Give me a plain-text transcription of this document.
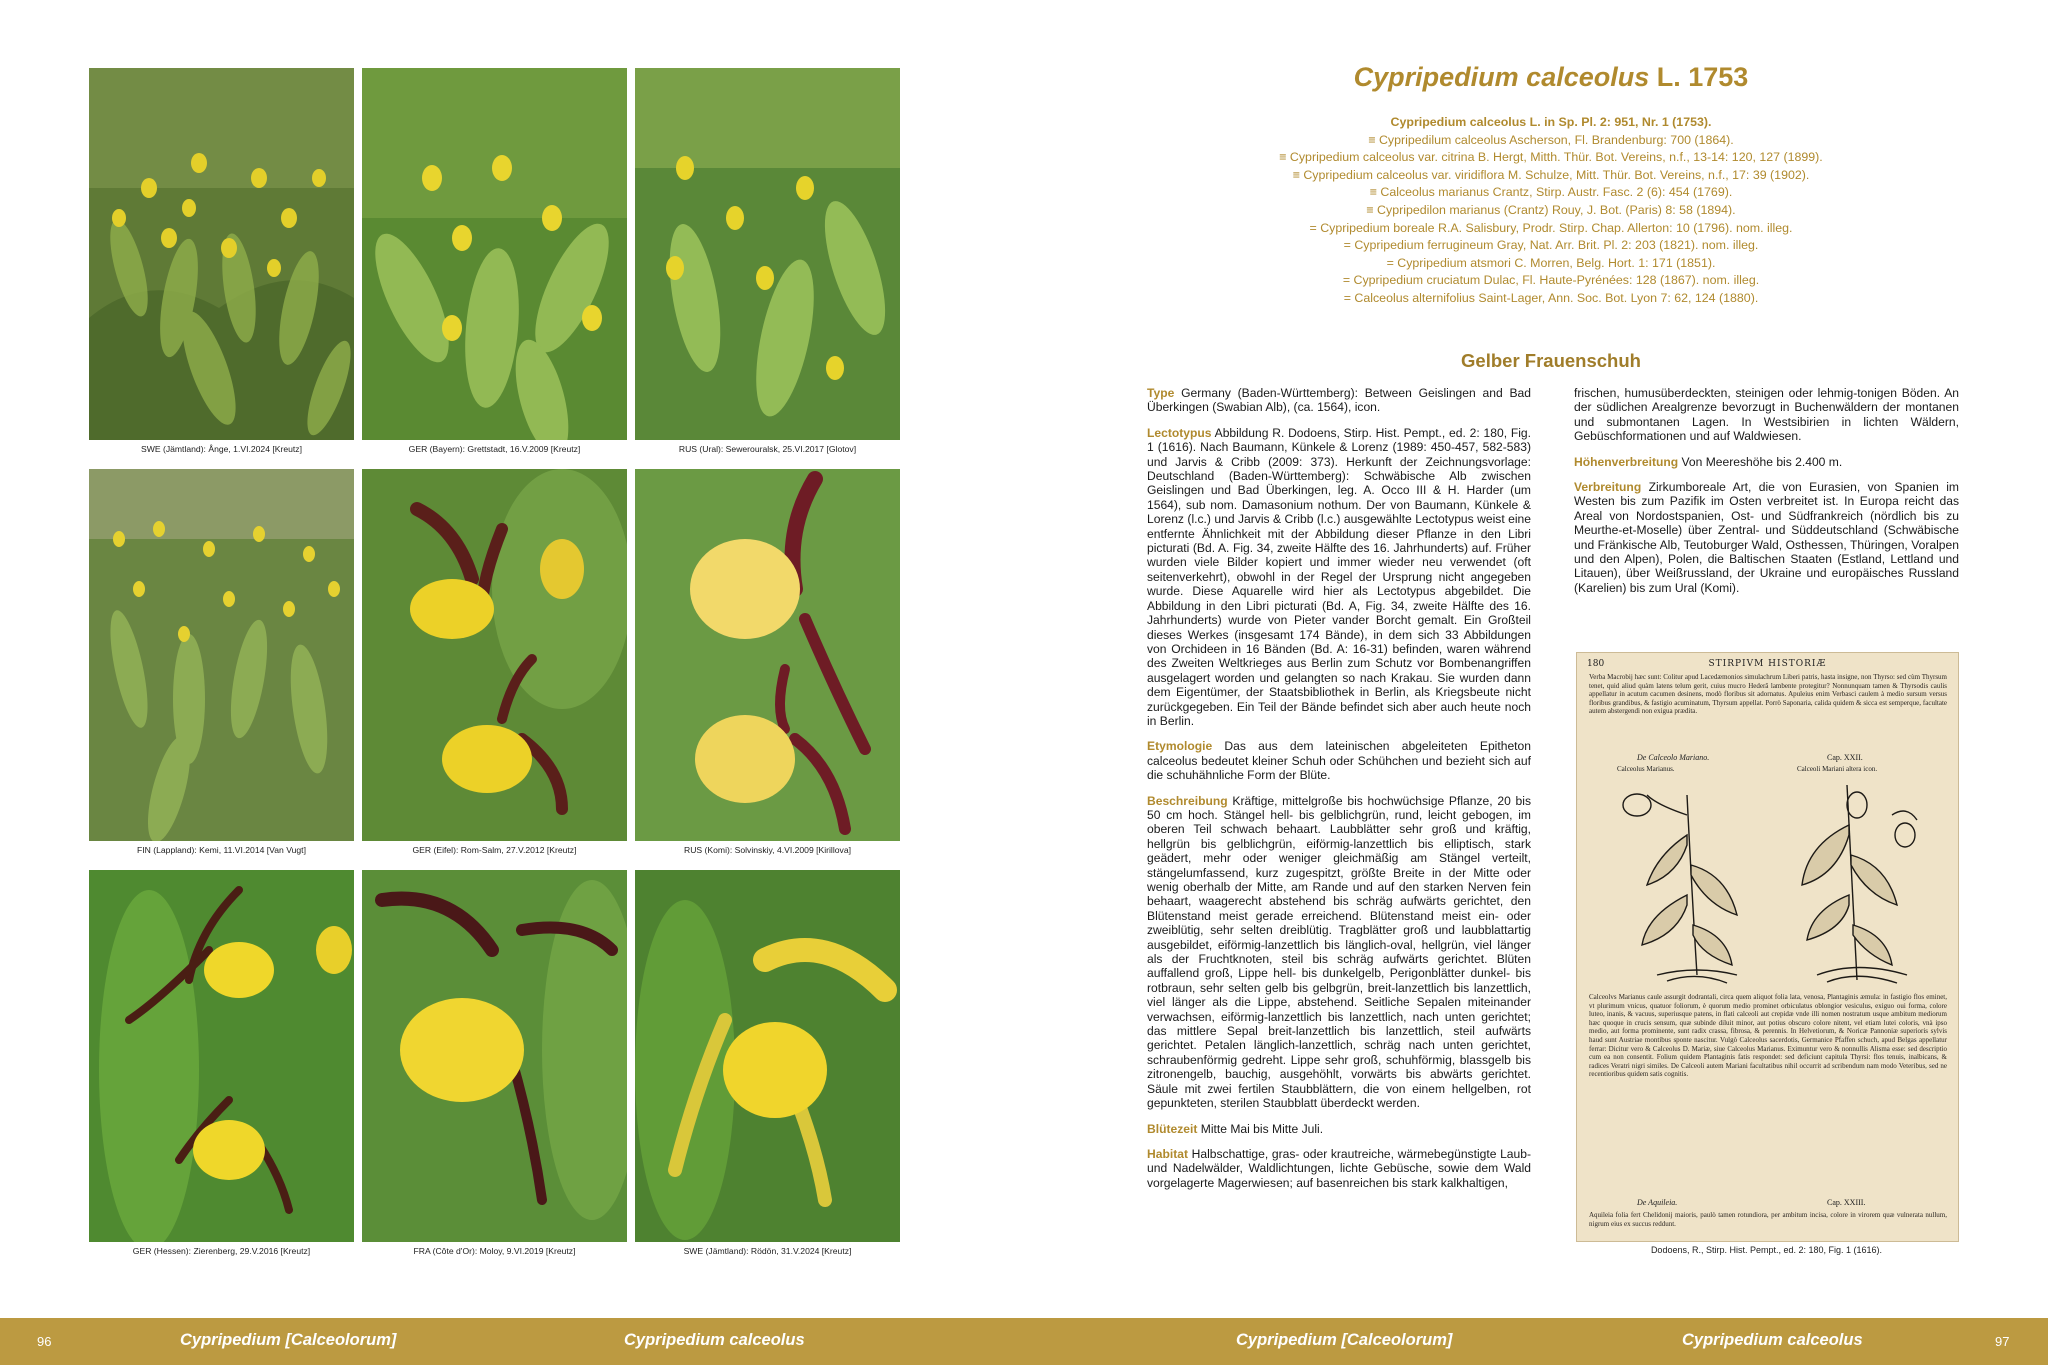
SWE (Jämtland): Ånge, 1.VI.2024 [Kreutz]	GER (Bayern): Grettstadt, 16.V.2009 [Kreutz]	RUS (Ural): Sewerouralsk, 25.VI.2017 [Glotov]
FIN (Lappland): Kemi, 11.VI.2014 [Van Vugt]	GER (Eifel): Rom-Salm, 27.V.2012 [Kreutz]	RUS (Komi): Solvinskiy, 4.VI.2009 [Kirillova]
GER (Hessen): Zierenberg, 29.V.2016 [Kreutz]	FRA (Côte d'Or): Moloy, 9.VI.2019 [Kreutz]	SWE (Jämtland): Rödön, 31.V.2024 [Kreutz]
Cypripedium calceolus L. 1753
Cypripedium calceolus L. in Sp. Pl. 2: 951, Nr. 1 (1753).
≡ Cypripedilum calceolus Ascherson, Fl. Brandenburg: 700 (1864).
≡ Cypripedium calceolus var. citrina B. Hergt, Mitth. Thür. Bot. Vereins, n.f., 13-14: 120, 127 (1899).
≡ Cypripedium calceolus var. viridiflora M. Schulze, Mitt. Thür. Bot. Vereins, n.f., 17: 39 (1902).
≡ Calceolus marianus Crantz, Stirp. Austr. Fasc. 2 (6): 454 (1769).
≡ Cypripedilon marianus (Crantz) Rouy, J. Bot. (Paris) 8: 58 (1894).
= Cypripedium boreale R.A. Salisbury, Prodr. Stirp. Chap. Allerton: 10 (1796). nom. illeg.
= Cypripedium ferrugineum Gray, Nat. Arr. Brit. Pl. 2: 203 (1821). nom. illeg.
= Cypripedium atsmori C. Morren, Belg. Hort. 1: 171 (1851).
= Cypripedium cruciatum Dulac, Fl. Haute-Pyrénées: 128 (1867). nom. illeg.
= Calceolus alternifolius Saint-Lager, Ann. Soc. Bot. Lyon 7: 62, 124 (1880).
Gelber Frauenschuh

Type Germany (Baden-Württemberg): Between Geislingen and Bad Überkingen (Swabian Alb), (ca. 1564), icon.

Lectotypus Abbildung R. Dodoens, Stirp. Hist. Pempt., ed. 2: 180, Fig. 1 (1616). Nach Baumann, Künkele & Lorenz (1989: 450-457, 582-583) und Jarvis & Cribb (2009: 373). Herkunft der Zeichnungsvorlage: Deutschland (Baden-Württemberg): Schwäbische Alb zwischen Geislingen und Bad Überkingen, leg. A. Occo III & H. Harder (um 1564), sub nom. Damasonium nothum. Der von Baumann, Künkele & Lorenz (l.c.) und Jarvis & Cribb (l.c.) ausgewählte Lectotypus weist eine entfernte Ähnlichkeit mit der Abbildung dieser Pflanze in den Libri picturati (Bd. A. Fig. 34, zweite Hälfte des 16. Jahrhunderts) auf. Früher wurden viele Bilder kopiert und immer wieder neu verwendet (oft seitenverkehrt), obwohl in der Regel der Ursprung nicht angegeben wurde. Diese Aquarelle wird hier als Lectotypus abgebildet. Die Abbildung in den Libri picturati (Bd. A, Fig. 34, zweite Hälfte des 16. Jahrhunderts) wurde von Pieter vander Borcht gemalt. Ein Großteil dieses Werkes (insgesamt 174 Bände), in dem sich 33 Abbildungen von Orchideen in 16 Bänden (Bd. A: 16-31) befinden, waren während des Zweiten Weltkrieges aus Berlin zum Schutz vor Bombenangriffen ausgelagert worden und gelangten so nach Krakau. Sie wurden dann dem Eigentümer, der Staatsbibliothek in Berlin, als Kriegsbeute nicht zurückgegeben. Ein Teil der Bände befindet sich aber auch heute noch in Berlin.

Etymologie Das aus dem lateinischen abgeleiteten Epitheton calceolus bedeutet kleiner Schuh oder Schühchen und bezieht sich auf die schuhähnliche Form der Blüte.

Beschreibung Kräftige, mittelgroße bis hochwüchsige Pflanze, 20 bis 50 cm hoch. Stängel hell- bis gelblichgrün, rund, leicht gebogen, im oberen Teil schwach behaart. Laubblätter sehr groß und kräftig, hellgrün bis gelblichgrün, eiförmig-lanzettlich bis elliptisch, stark geädert, mehr oder weniger gleichmäßig am Stängel verteilt, stängelumfassend, kurz zugespitzt, größte Breite in der Mitte oder wenig oberhalb der Mitte, am Rande und auf den starken Nerven fein behaart, waagerecht abstehend bis schräg aufwärts gerichtet, den Blütenstand meist gerade erreichend. Blütenstand meist ein- oder zweiblütig, sehr selten dreiblütig. Tragblätter groß und laubblattartig ausgebildet, eiförmig-lanzettlich bis länglich-oval, hellgrün, viel länger als der Fruchtknoten, steil bis schräg aufwärts gerichtet. Blüten auffallend groß, Lippe hell- bis dunkelgelb, Perigonblätter dunkel- bis rotbraun, sehr selten gelb bis gelbgrün, breit-lanzettlich bis lanzettlich, viel länger als die Lippe, abstehend. Seitliche Sepalen miteinander verwachsen, eiförmig-lanzettlich bis lanzettlich, nach unten gerichtet; das mittlere Sepal breit-lanzettlich bis lanzettlich, steil aufwärts gerichtet. Petalen länglich-lanzettlich, schräg nach unten gerichtet, schraubenförmig gedreht. Lippe sehr groß, schuhförmig, blassgelb bis zitronengelb, bauchig, ausgehöhlt, vorwärts bis abwärts gerichtet. Säule mit zwei fertilen Staubblättern, die von einem hellgelben, rot gepunkteten, sterilen Staubblatt überdeckt werden.

Blütezeit Mitte Mai bis Mitte Juli.

Habitat Halbschattige, gras- oder krautreiche, wärmebegünstigte Laub- und Nadelwälder, Waldlichtungen, lichte Gebüsche, sowie dem Wald vorgelagerte Magerwiesen; auf basenreichen bis stark kalkhaltigen,

frischen, humusüberdeckten, steinigen oder lehmig-tonigen Böden. An der südlichen Arealgrenze bevorzugt in Buchenwäldern der montanen und submontanen Lagen. In Westsibirien in lichten Wäldern, Gebüschformationen und auf Waldwiesen.

Höhenverbreitung Von Meereshöhe bis 2.400 m.

Verbreitung Zirkumboreale Art, die von Eurasien, von Spanien im Westen bis zum Pazifik im Osten verbreitet ist. In Europa reicht das Areal von Nordostspanien, Ost- und Südfrankreich (nördlich bis zu Meurthe-et-Moselle) über Zentral- und Süddeutschland (Schwäbische und Fränkische Alb, Teutoburger Wald, Osthessen, Thüringen, Voralpen und den Alpen), Polen, die Baltischen Staaten (Estland, Lettland und Litauen), über Weißrussland, der Ukraine und europäisches Russland (Karelien) bis zum Ural (Komi).

180	STIRPIVM HISTORIÆ
Verba Macrobij hæc sunt: Colitur apud Lacedæmonios simulachrum Liberi patris, hasta insigne, non Thyrso: sed cùm Thyrsum tenet, quid aliud quàm latens telum gerit, cuius mucro Hederâ lambente protegitur? Nonnunquam tamen & Thyrsodis caulis appellatur in acutum cacumen desinens, modò floribus sit adornatus. Apuleius enim Verbasci caulem à medio sursum versus floribus grandibus, & fastigio acuminatum, Thyrsum appellat. Porrò Saponaria, calida quidem & sicca est semperque, facultate autem abstergendi non exigua prædita.
De Calceolo Mariano.	Cap. XXII.
Calceolus Marianus.	Calceoli Mariani altera icon.
Calceolvs Marianus caule assurgit dodrantali, circa quem aliquot folia lata, venosa, Plantaginis æmula: in fastigio flos eminet, vt plurimum vnicus, quatuor foliorum, è quorum medio prominet orbiculatus oblongior vesiculus, exiguo oui forma, colore luteo, inanis, & vacuus, superiusque patens, in flati calceoli aut crepidæ vnde illi nomen nostratum usque ambitum mediorum hæc quoque in crucis sensum, quæ subinde diluit minor, aut potius obscuro colore nitent, vel etiam lutei coloris, vnà ipso medio, aut forma prominente, sunt radix crassa, fibrosa, & perennis. In Helvetiorum, & Noricæ Pannoniæ superioris sylvis haud sunt Austriae montibus sponte nascitur. Vulgò Calceolus sacerdotis, Germanice Pfaffen schuch, apud Belgas appellatur ferrar: Dicitur vero & Calceolus D. Mariæ, siue Calceolus Marianus. Eximuntur vero & nonnullis Alisma esse: sed descriptio cum ea non consentit. Folium quidem Plantaginis fatis respondet: sed deficiunt capitula Thyrsi: flos tenuis, inalbicans, & radices Veratri nigri similes. De Calceoli autem Mariani facultatibus nihil occurrit ad scribendum nam modo Veteribus, sed ne recentioribus quidem satis cognitis.
De Aquileia.	Cap. XXIII.
Aquileia folia fert Chelidonij maioris, paulò tamen rotundiora, per ambitum incisa, colore in virorem quæ vulnerata nullum, nigrum eius ex succus reddunt.
Dodoens, R., Stirp. Hist. Pempt., ed. 2: 180, Fig. 1 (1616).
96	Cypripedium [Calceolorum]	Cypripedium calceolus	Cypripedium [Calceolorum]	Cypripedium calceolus	97
